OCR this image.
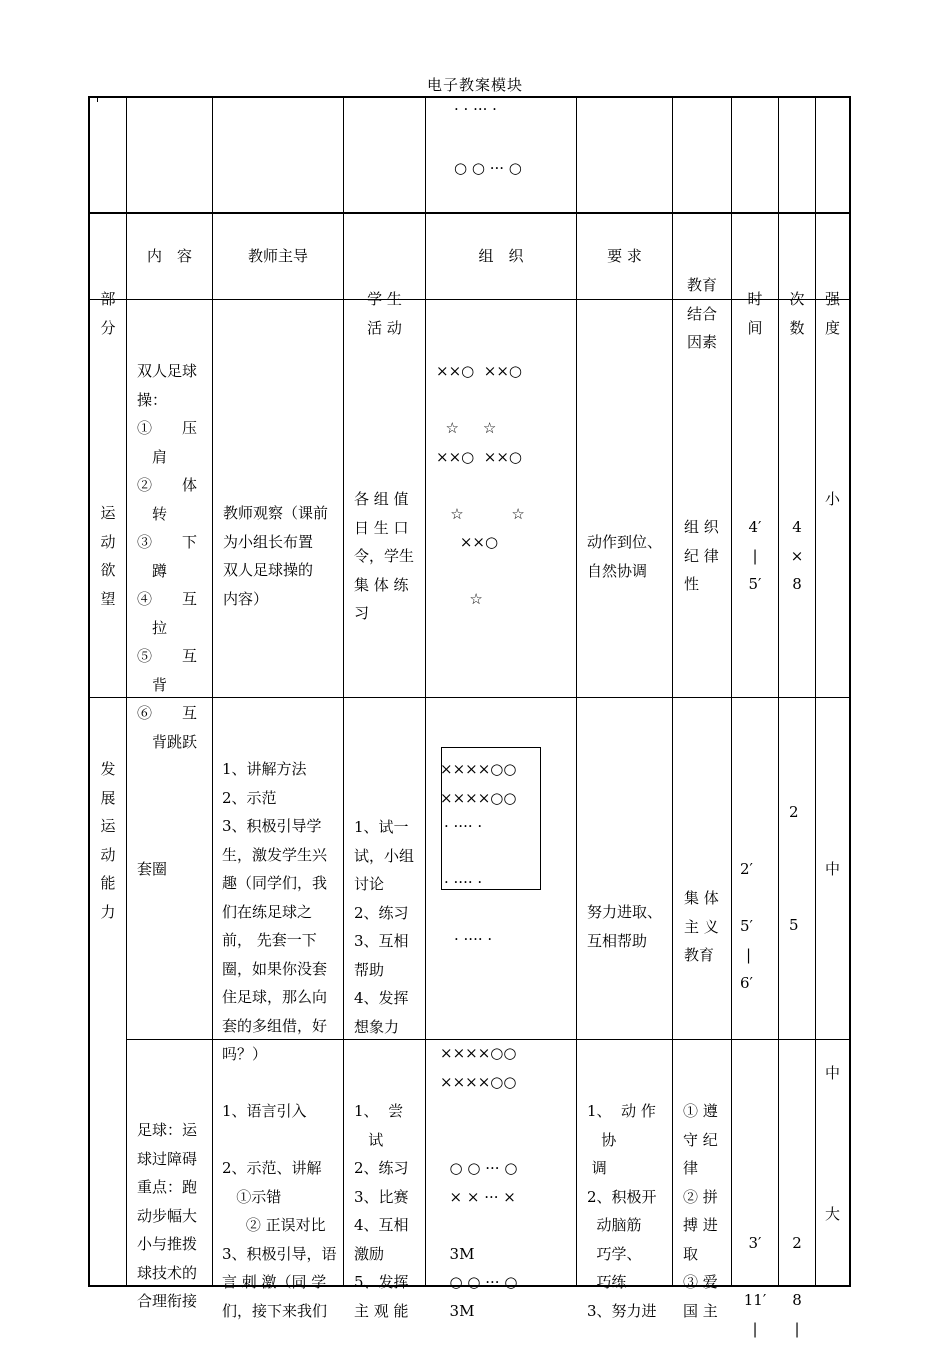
电子教案模块
· · ··· ·
○ ○ ··· ○

部
分

内　容	教师主导

学 生
活 动

组　织	要 求

教育
结合
因素

时
间

次
数

强
度

运
动
欲
望

双人足球
操：
①　　压
　肩
②　　体
　转
③　　下
　蹲
④　　互
　拉
⑤　　互
　背
⑥　　互
　背跳跃

教师观察（课前
为小组长布置
双人足球操的
内容）

各 组 值
日 生 口
令，学生
集 体 练
习

××○  ××○

☆     ☆
××○  ××○

☆          ☆
××○

☆

动作到位、
自然协调

组 织
纪 律
性

4′
|
5′

4
×
8

小

发
展
运
动
能
力

套圈

1、讲解方法
2、示范
3、积极引导学
生，激发学生兴
趣（同学们，我
们在练足球之
前， 先套一下
圈，如果你没套
住足球，那么向
套的多组借，好
吗？）

1、试一
试，小组
讨论
2、练习
3、互相
帮助
4、发挥
想象力

××××○○
××××○○

· ···· ·
· ···· ·
· ···· ·

××××○○
××××○○

努力进取、
互相帮助

集 体
主 义
教育

2′

5′
|
6′

2
5
中

足球：运
球过障碍
重点：跑
动步幅大
小与推拨
球技术的
合理衔接

1、语言引入

2、示范、讲解
①示错
② 正误对比
3、积极引导，语
言 刺 激（同 学
们，接下来我们

1、  尝
试
2、练习
3、比赛
4、互相
激励
5、发挥
主 观 能

○ ○ ··· ○
× × ··· ×

3M
○ ○ ··· ○
3M

1、  动 作
协
调
2、积极开
动脑筋
巧学、
巧练
3、努力进

① 遵
守 纪
律
② 拼
搏 进
取
③ 爱
国 主

3′

11′
|

2

8
|

中
大
